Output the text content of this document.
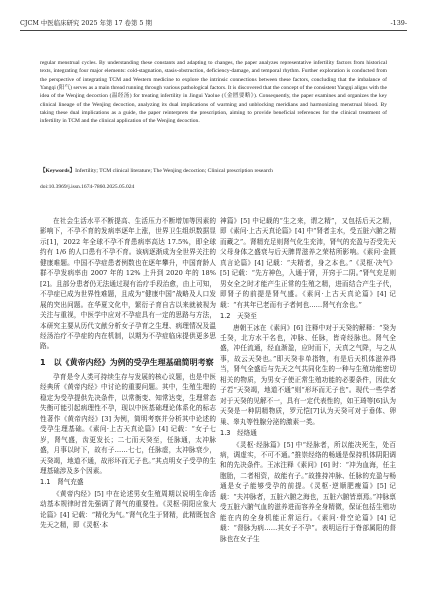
CJCM 中医临床研究 2025 年第 17 卷第 5 期	-139-

regular menstrual cycles. By understanding these constants and adapting to changes, the paper analyzes representative infertility factors from historical texts, integrating four major elements: cold-stagnation, stasis-obstruction, deficiency-damage, and temporal rhythm. Further exploration is conducted from the perspective of integrating TCM and Western medicine to explore the intrinsic connections between these factors, concluding that the imbalance of Yangqi (阳气) serves as a main thread running through various pathological factors. It is discovered that the concept of the consistent Yangqi aligns with the idea of the Wenjing decoction (温经汤) for treating infertility in Jingui Yaolue (《金匮要略》). Consequently, the paper examines and organizes the key clinical lineage of the Wenjing decoction, analyzing its dual implications of warming and unblocking meridians and harmonizing menstrual blood. By taking these dual implications as a guide, the paper reinterprets the prescription, aiming to provide beneficial references for the clinical treatment of infertility in TCM and the clinical application of the Wenjing decoction.

【Keywords】Infertility; TCM clinical literature; The Wenjing decoction; Clinical prescription research
doi:10.3969/j.issn.1674-7860.2025.05.024

在社会生活水平不断提高、生活压力不断增加等因素的影响下，不孕不育的发病率逐年上涨，世界卫生组织数据显示[1]，2022 年全球不孕不育患病率高达 17.5%，即全球约有 1/6 的人口患有不孕不育。该病逐渐成为全世界关注的健康难题。中国不孕症患者例数也在逐年攀升，中国育龄人群不孕发病率由 2007 年的 12% 上升到 2020 年的 18%[2]。且部分患者仍无法通过现有治疗手段治愈，由上可知，不孕症已成为世界性难题，且成为“健康中国”战略及人口发展的突出问题。在华夏文化中，繁衍子育自古以来就被视为关注与重视，中医学中应对不孕症具有一定的思路与方法，本研究主要从历代文献分析女子孕育之生理、病理情况及温经汤治疗不孕症的内在机制，以期为不孕症临床提供更多思路。

1　以《黄帝内经》为例的受孕生理基础简明考察

孕育是令人类可持续生存与发展的核心议题，也是中医经典所《黄帝内经》中讨论的重要问题。其中，生殖生理的稳定为受孕提供先决条件，以常衡变、知常达变，生理常态失衡可能引起病理性不孕，现以中医基础理论体系化的标志性著作《黄帝内经》[3] 为例，简明考察并分析其中论述的受孕生理基础。《素问·上古天真论篇》[4] 记载：“女子七岁，肾气盛，齿更发长；二七而天癸至，任脉通，太冲脉盛，月事以时下，故有子……七七，任脉虚，太冲脉衰少，天癸竭，地道不通，故形坏而无子也。”其点明女子受孕的生理基础涉及多个因素。

1.1　肾气充盛

《黄帝内经》[5] 中在论述男女生殖周期以说明生命活动基本规律时首先强调了肾气的重要性。《灵枢·阴阳应象大论篇》[4] 记载：“精化为气。”肾气化生于肾精，此精既包含先天之精，即《灵枢·本

神篇》[5] 中记载的“生之来，谓之精”，又包括后天之精，即《素问·上古天真论篇》[4] 中“肾者主水，受五脏六腑之精而藏之”。肾精充足则肾气化生充沛，肾气的充盈与否受先天父母身体之盛衰与后天脾胃滋养之荣枯所影响。《素问·金匮真言论篇》[4] 记载：“夫精者，身之本也。”《灵枢·决气》[5] 记载：“先方神色，入通于肾，开窍于二阴。”肾气充足则男女全之时才能产生正常的生殖之精，进而结合产生子代，即肾子的前提是肾气盛。《素问·上古天真论篇》[4] 记载：“有其年已老而有子者何也……肾气有余也。”

1.2　天癸至

唐朝王冰在《素问》[6] 注释中对于天癸的解释：“癸为壬癸，北方水干名也，冲脉、任脉，皆奇经脉也。肾气全盛，冲任流通，经血渐盈，应时而下，天真之气降，与之从事，故云天癸也。”即天癸非单指物，有是后天机体滋养得当，肾气全盛后与先天之气共同化生的一种与生殖功能密切相关的物质，为男女子使正常生殖功能的必要条件，因此女子若“天癸竭，地道不通”则“形坏而无子也”。现代一些学者对于天癸的见解不一，具有一定代表性的，如王琦等[6]认为天癸是一种阴精物质，罗元恺[7]认为天癸可对于垂体、卵巢、睾丸等性腺分泌的激素一类。

1.3　经络通

《灵枢·经脉篇》[5] 中“经脉者，所以能决死生，处百病，调虚实，不可不通。”推崇经络的畅通是保持机体阴阳调和的先决条件。王冰注释《素问》[6] 时：“冲为血海，任主胞胎，二者相资，故能有子。”故推持冲脉、任脉的充盈与畅通是女子能够受孕的前提。《灵枢·逆顺肥瘦篇》[5] 记载：“夫冲脉者，五脏六腑之海也，五脏六腑皆禀焉。”冲脉禀受五脏六腑气血的滋养进而容养全身精微，保证包括生殖功能在内的全身机能正常运行。《素问·骨空论篇》[4] 记载：“督脉为病……其女子不孕”。表明运行于脊部属阳的督脉也在女子生
